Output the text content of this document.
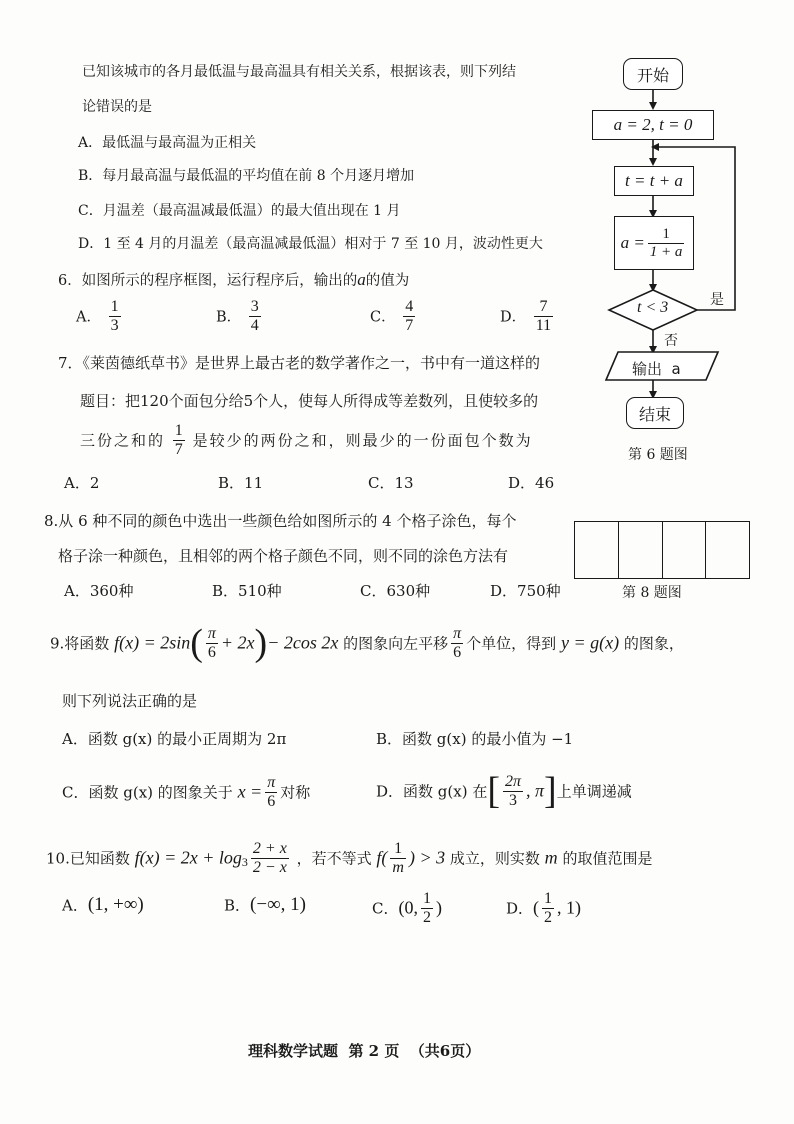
已知该城市的各月最低温与最高温具有相关关系，根据该表，则下列结
论错误的是
A．最低温与最高温为正相关
B．每月最高温与最低温的平均值在前 8 个月逐月增加
C．月温差（最高温减最低温）的最大值出现在 1 月
D．1 至 4 月的月温差（最高温减最低温）相对于 7 至 10 月，波动性更大
6．如图所示的程序框图，运行程序后，输出的a的值为
A． $\frac{1}{3}$	B． $\frac{3}{4}$	C． $\frac{4}{7}$	D． $\frac{7}{11}$
7．《莱茵德纸草书》是世界上最古老的数学著作之一，书中有一道这样的
题目：把120个面包分给5个人，使每人所得成等差数列，且使较多的
三份之和的 $\frac{1}{7}$ 是较少的两份之和，则最少的一份面包个数为
A．2	B．11	C．13	D．46
8.从 6 种不同的颜色中选出一些颜色给如图所示的 4 个格子涂色，每个
格子涂一种颜色，且相邻的两个格子颜色不同，则不同的涂色方法有
A．360种	B．510种	C．630种	D．750种	第 8 题图
9.将函数 $f(x) = 2\sin( \frac{\pi}{6} + 2x)- 2\cos$ 2x 的图象向左平移 $\frac{\pi}{6}$ 个单位，得到 y = g(x) 的图象，
则下列说法正确的是
A．函数 g(x) 的最小正周期为 2π	B．函数 g(x) 的最小值为 −1
C．函数 g(x) 的图象关于 $x = \frac{\pi}{6}$ 对称	D．函数 g(x) 在[ $\frac{2\pi}{3}$ , π]上单调递减
10.已知函数 $f(x) = 2x + \log_3 \frac{2 + x}{2 - x}$ ，若不等式 $f( \frac{1}{m}$ ) > 3 成立，则实数 m 的取值范围是
A．(1, +∞)	B．(−∞, 1)	C．(0, $\frac{1}{2}$ )	D．( $\frac{1}{2}$ , 1)
开始
a = 2, t = 0
t = t + a
$a = \frac{1}{1 + a}$
t < 3	是
否
输出  a
结束
第 6 题图
理科数学试题  第 2 页  （共6页）
